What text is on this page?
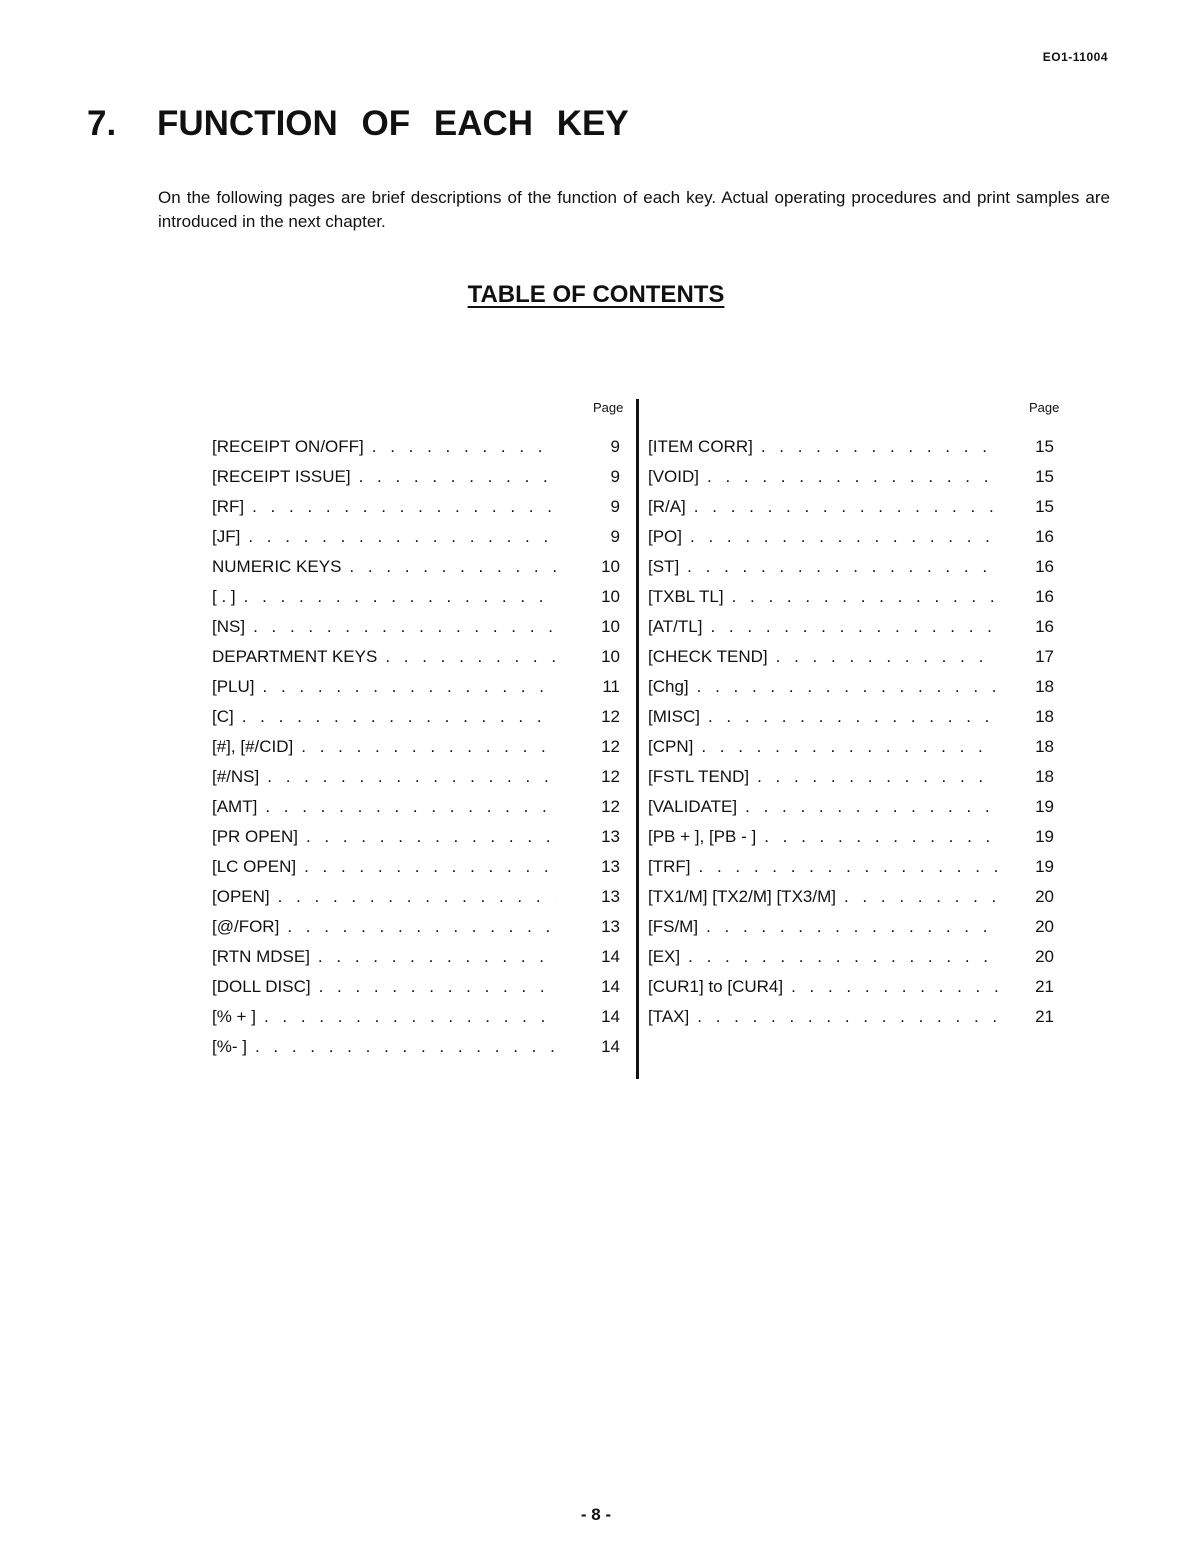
EO1-11004
7. FUNCTION OF EACH KEY

On the following pages are brief descriptions of the function of each key. Actual operating procedures and print samples are introduced in the next chapter.

TABLE OF CONTENTS
Page	Page
[RECEIPT ON/OFF] . . .	9
[RECEIPT ISSUE] . . .	9
[RF] . . .	9
[JF] . . .	9
NUMERIC KEYS . . .	10
[ . ] . . .	10
[NS] . . .	10
DEPARTMENT KEYS . . .	10
[PLU] . . .	11
[C] . . .	12
[#], [#/CID] . . .	12
[#/NS] . . .	12
[AMT] . . .	12
[PR OPEN] . . .	13
[LC OPEN] . . .	13
[OPEN] . . .	13
[@/FOR] . . .	13
[RTN MDSE] . . .	14
[DOLL DISC] . . .	14
[% + ] . . .	14
[%- ] . . .	14
[ITEM CORR] . . .	15
[VOID] . . .	15
[R/A] . . .	15
[PO] . . .	16
[ST] . . .	16
[TXBL TL] . . .	16
[AT/TL] . . .	16
[CHECK TEND] . . .	17
[Chg] . . .	18
[MISC] . . .	18
[CPN] . . .	18
[FSTL TEND] . . .	18
[VALIDATE] . . .	19
[PB + ], [PB - ] . . .	19
[TRF] . . .	19
[TX1/M] [TX2/M] [TX3/M] . . .	20
[FS/M] . . .	20
[EX] . . .	20
[CUR1] to [CUR4] . . .	21
[TAX] . . .	21
- 8 -
